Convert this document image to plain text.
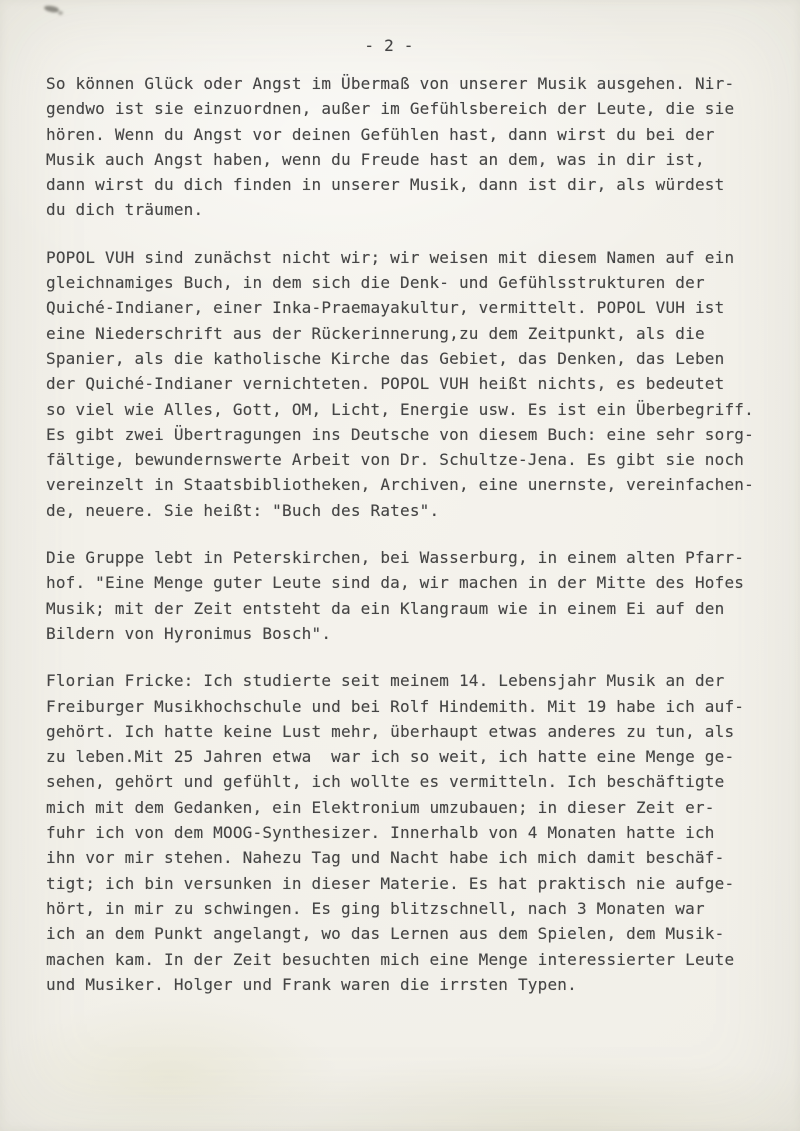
- 2 -
So können Glück oder Angst im Übermaß von unserer Musik ausgehen. Nir-
gendwo ist sie einzuordnen, außer im Gefühlsbereich der Leute, die sie
hören. Wenn du Angst vor deinen Gefühlen hast, dann wirst du bei der
Musik auch Angst haben, wenn du Freude hast an dem, was in dir ist,
dann wirst du dich finden in unserer Musik, dann ist dir, als würdest
du dich träumen.
POPOL VUH sind zunächst nicht wir; wir weisen mit diesem Namen auf ein
gleichnamiges Buch, in dem sich die Denk- und Gefühlsstrukturen der
Quiché-Indianer, einer Inka-Praemayakultur, vermittelt. POPOL VUH ist
eine Niederschrift aus der Rückerinnerung,zu dem Zeitpunkt, als die
Spanier, als die katholische Kirche das Gebiet, das Denken, das Leben
der Quiché-Indianer vernichteten. POPOL VUH heißt nichts, es bedeutet
so viel wie Alles, Gott, OM, Licht, Energie usw. Es ist ein Überbegriff.
Es gibt zwei Übertragungen ins Deutsche von diesem Buch: eine sehr sorg-
fältige, bewundernswerte Arbeit von Dr. Schultze-Jena. Es gibt sie noch
vereinzelt in Staatsbibliotheken, Archiven, eine unernste, vereinfachen-
de, neuere. Sie heißt: "Buch des Rates".
Die Gruppe lebt in Peterskirchen, bei Wasserburg, in einem alten Pfarr-
hof. "Eine Menge guter Leute sind da, wir machen in der Mitte des Hofes
Musik; mit der Zeit entsteht da ein Klangraum wie in einem Ei auf den
Bildern von Hyronimus Bosch".
Florian Fricke: Ich studierte seit meinem 14. Lebensjahr Musik an der
Freiburger Musikhochschule und bei Rolf Hindemith. Mit 19 habe ich auf-
gehört. Ich hatte keine Lust mehr, überhaupt etwas anderes zu tun, als
zu leben.Mit 25 Jahren etwa  war ich so weit, ich hatte eine Menge ge-
sehen, gehört und gefühlt, ich wollte es vermitteln. Ich beschäftigte
mich mit dem Gedanken, ein Elektronium umzubauen; in dieser Zeit er-
fuhr ich von dem MOOG-Synthesizer. Innerhalb von 4 Monaten hatte ich
ihn vor mir stehen. Nahezu Tag und Nacht habe ich mich damit beschäf-
tigt; ich bin versunken in dieser Materie. Es hat praktisch nie aufge-
hört, in mir zu schwingen. Es ging blitzschnell, nach 3 Monaten war
ich an dem Punkt angelangt, wo das Lernen aus dem Spielen, dem Musik-
machen kam. In der Zeit besuchten mich eine Menge interessierter Leute
und Musiker. Holger und Frank waren die irrsten Typen.
